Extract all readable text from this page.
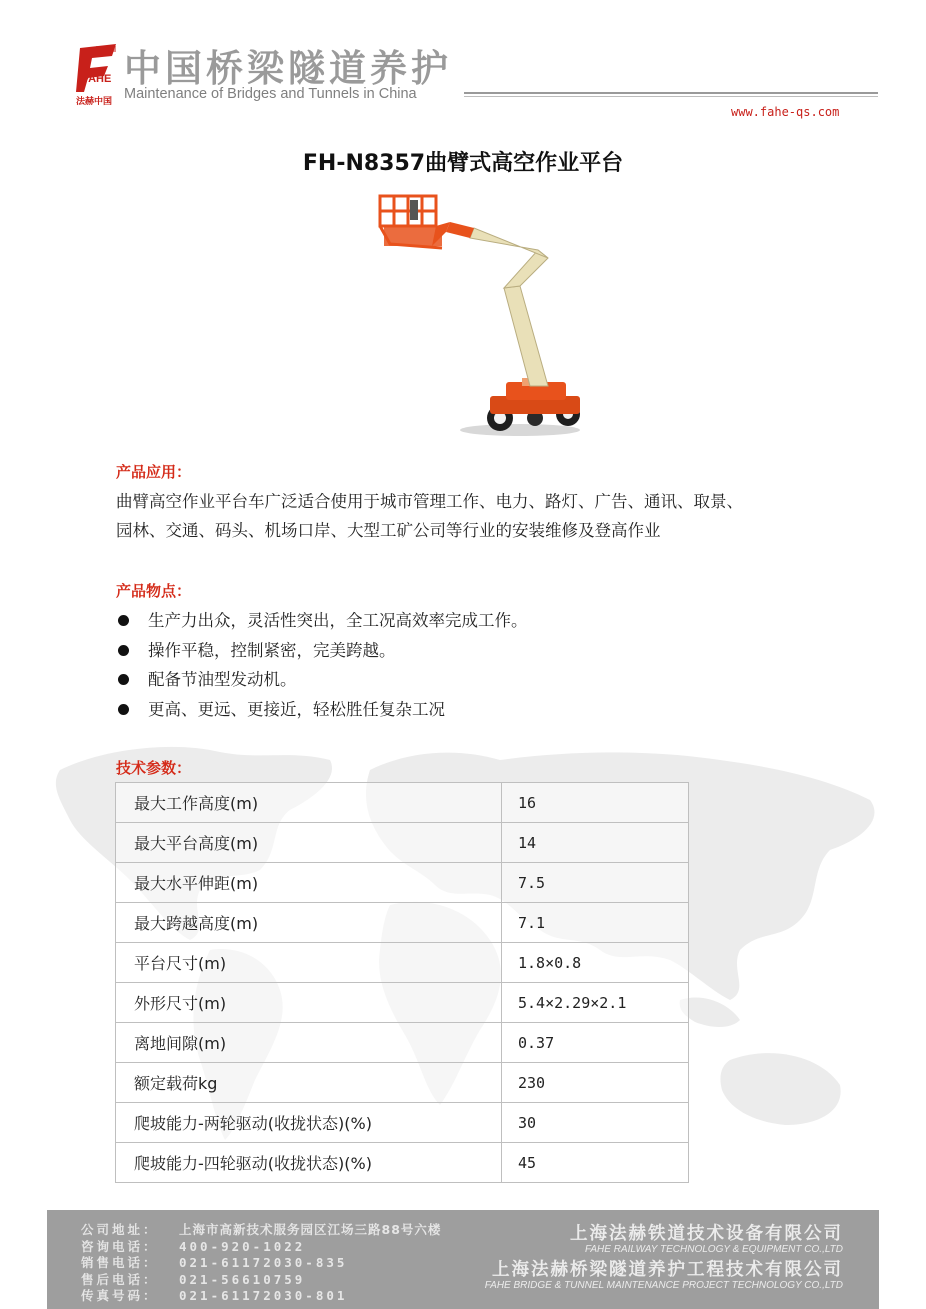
FAHE
法赫中国
中国桥梁隧道养护
Maintenance of Bridges and Tunnels in China
www.fahe-qs.com
FH-N8357曲臂式高空作业平台
产品应用：
曲臂高空作业平台车广泛适合使用于城市管理工作、电力、路灯、广告、通讯、取景、
园林、交通、码头、机场口岸、大型工矿公司等行业的安装维修及登高作业
产品物点：
生产力出众，灵活性突出，全工况高效率完成工作。
操作平稳，控制紧密，完美跨越。
配备节油型发动机。
更高、更远、更接近，轻松胜任复杂工况
技术参数：
最大工作高度(m)	16
最大平台高度(m)	14
最大水平伸距(m)	7.5
最大跨越高度(m)	7.1
平台尺寸(m)	1.8×0.8
外形尺寸(m)	5.4×2.29×2.1
离地间隙(m)	0.37
额定载荷kg	230
爬坡能力-两轮驱动(收拢状态)(%)	30
爬坡能力-四轮驱动(收拢状态)(%)	45
公司地址： 上海市高新技术服务园区江场三路88号六楼
咨询电话： 400-920-1022
销售电话： 021-61172030-835
售后电话： 021-56610759
传真号码： 021-61172030-801
上海法赫铁道技术设备有限公司
FAHE RAILWAY TECHNOLOGY & EQUIPMENT CO.,LTD
上海法赫桥梁隧道养护工程技术有限公司
FAHE BRIDGE & TUNNEL MAINTENANCE PROJECT TECHNOLOGY CO.,LTD
